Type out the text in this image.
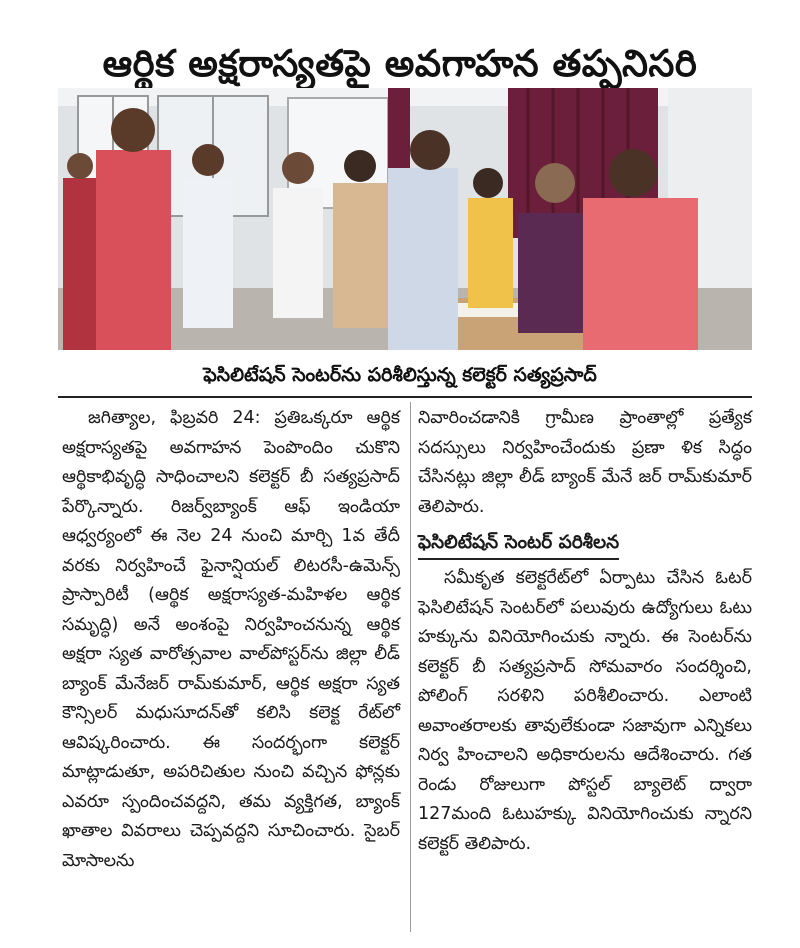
ఆర్థిక అక్షరాస్యతపై అవగాహన తప్పనిసరి
ఫెసిలిటేషన్ సెంటర్‌ను పరిశీలిస్తున్న కలెక్టర్ సత్యప్రసాద్

జగిత్యాల, ఫిబ్రవరి 24: ప్రతిఒక్కరూ ఆర్థిక అక్షరాస్యతపై అవగాహన పెంపొందిం చుకొని ఆర్థికాభివృద్ధి సాధించాలని కలెక్టర్ బీ సత్యప్రసాద్ పేర్కొన్నారు. రిజర్వ్‌బ్యాంక్ ఆఫ్ ఇండియా ఆధ్వర్యంలో ఈ నెల 24 నుంచి మార్చి 1వ తేదీ వరకు నిర్వహించే ఫైనాన్షియల్ లిటరసీ-ఉమెన్స్ ప్రాస్పారిటీ (ఆర్థిక అక్షరాస్యత-మహిళల ఆర్థిక సమృద్ధి) అనే అంశంపై నిర్వహించనున్న ఆర్థిక అక్షరా స్యత వారోత్సవాల వాల్‌పోస్టర్‌ను జిల్లా లీడ్ బ్యాంక్ మేనేజర్ రామ్‌కుమార్, ఆర్థిక అక్షరా స్యత కౌన్సిలర్ మధుసూదన్‌తో కలిసి కలెక్ట రేట్‌లో ఆవిష్కరించారు. ఈ సందర్భంగా కలెక్టర్ మాట్లాడుతూ, అపరిచితుల నుంచి వచ్చిన ఫోన్లకు ఎవరూ స్పందించవద్దని, తమ వ్యక్తిగత, బ్యాంక్ ఖాతాల వివరాలు చెప్పవద్దని సూచించారు. సైబర్ మోసాలను

నివారించడానికి గ్రామీణ ప్రాంతాల్లో ప్రత్యేక సదస్సులు నిర్వహించేందుకు ప్రణా ళిక సిద్ధం చేసినట్లు జిల్లా లీడ్ బ్యాంక్ మేనే జర్ రామ్‌కుమార్ తెలిపారు.

ఫెసిలిటేషన్ సెంటర్ పరిశీలన

సమీకృత కలెక్టరేట్‌లో ఏర్పాటు చేసిన ఓటర్ ఫెసిలిటేషన్ సెంటర్‌లో పలువురు ఉద్యోగులు ఓటు హక్కును వినియోగించుకు న్నారు. ఈ సెంటర్‌ను కలెక్టర్ బీ సత్యప్రసాద్ సోమవారం సందర్శించి, పోలింగ్ సరళిని పరిశీలించారు. ఎలాంటి అవాంతరాలకు తావులేకుండా సజావుగా ఎన్నికలు నిర్వ హించాలని అధికారులను ఆదేశించారు. గత రెండు రోజులుగా పోస్టల్ బ్యాలెట్ ద్వారా 127మంది ఓటుహక్కు వినియోగించుకు న్నారని కలెక్టర్ తెలిపారు.
